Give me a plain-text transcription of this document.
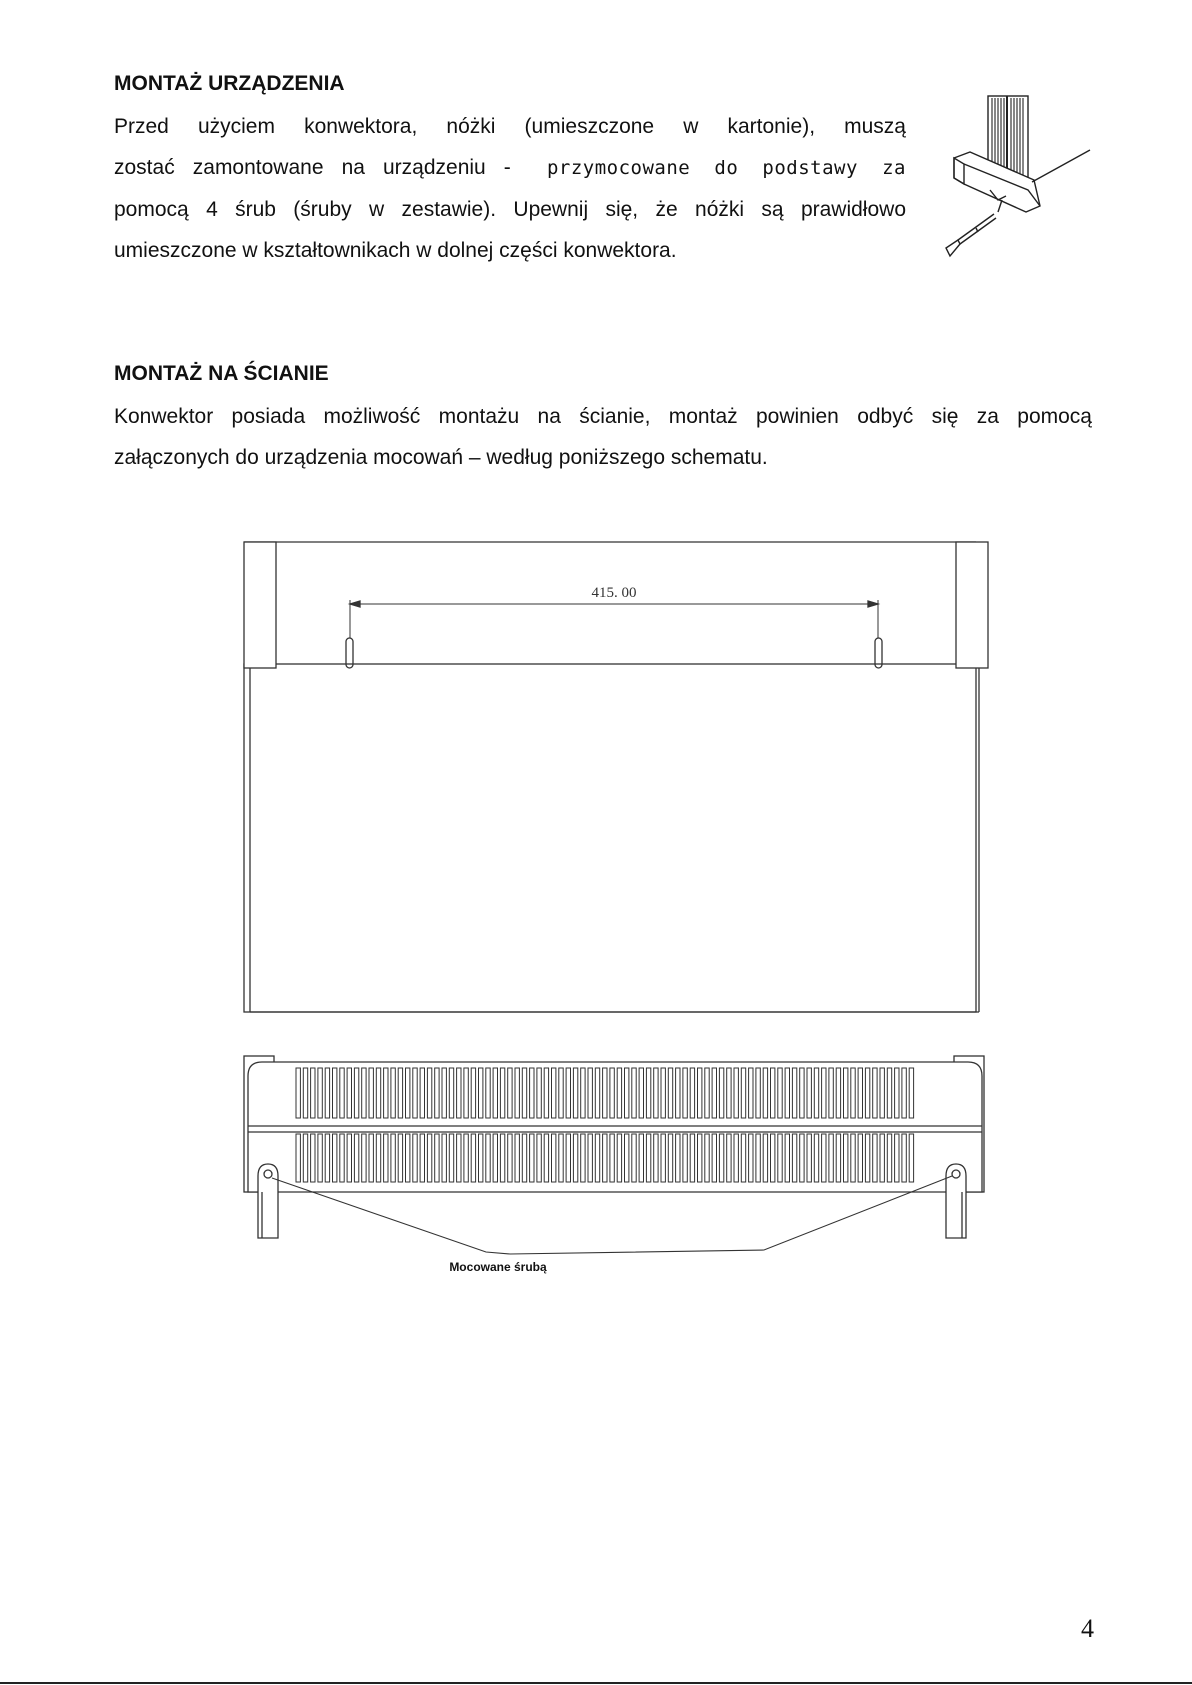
MONTAŻ URZĄDZENIA

Przed użyciem konwektora, nóżki (umieszczone w kartonie), muszą
zostać zamontowane na urządzeniu - przymocowane do podstawy za
pomocą 4 śrub (śruby w zestawie). Upewnij się, że nóżki są prawidłowo
umieszczone w kształtownikach w dolnej części konwektora.

MONTAŻ NA ŚCIANIE

Konwektor posiada możliwość montażu na ścianie, montaż powinien odbyć się za pomocą
załączonych do urządzenia mocowań – według poniższego schematu.

415. 00

Mocowane śrubą

4
